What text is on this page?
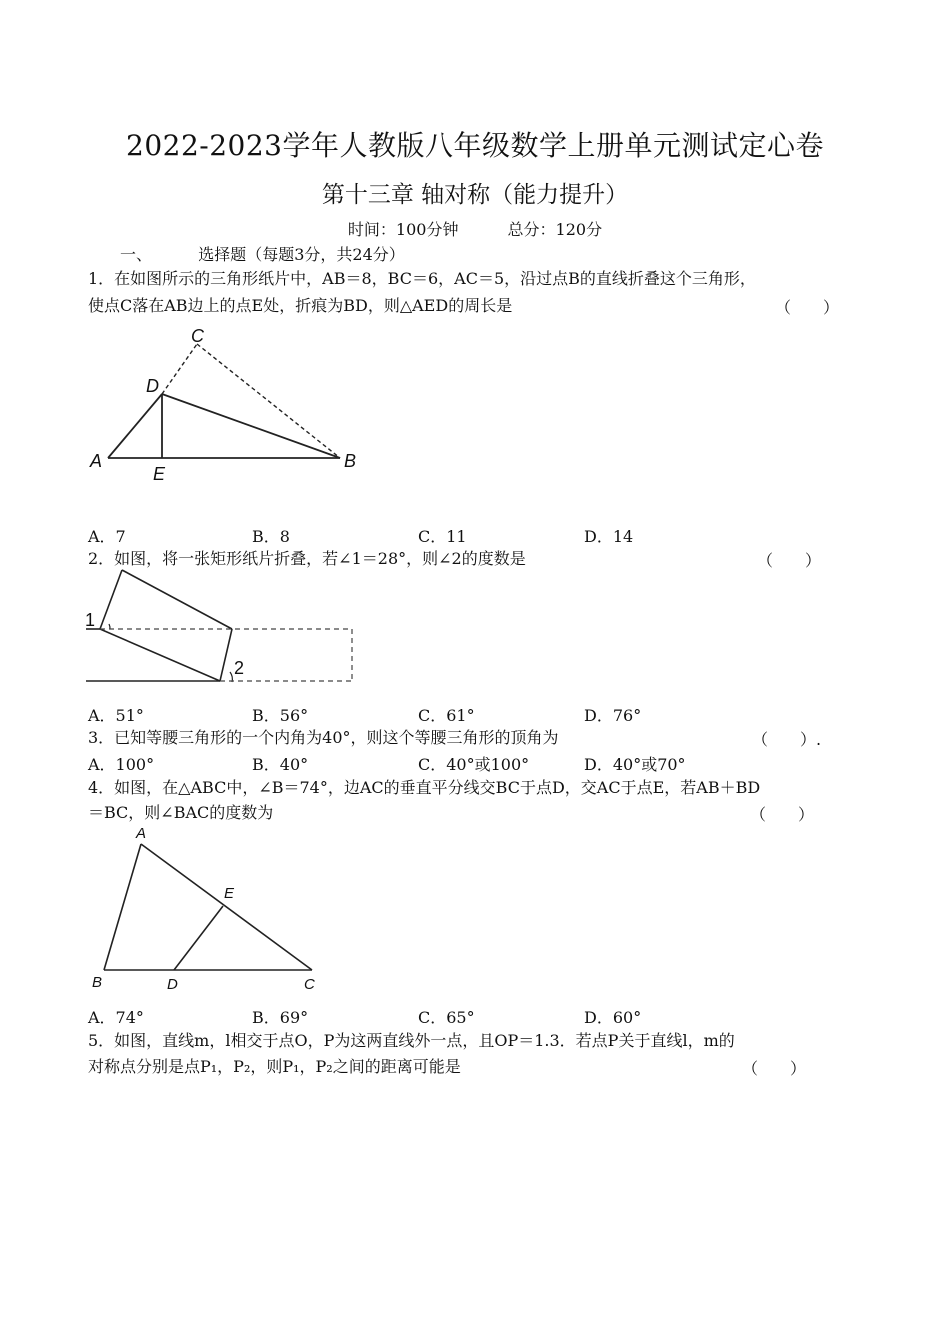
2022-2023学年人教版八年级数学上册单元测试定心卷
第十三章 轴对称（能力提升）
时间：100分钟	总分：120分
一、	选择题（每题3分，共24分）
1．在如图所示的三角形纸片中，AB＝8，BC＝6，AC＝5，沿过点B的直线折叠这个三角形，
使点C落在AB边上的点E处，折痕为BD，则△AED的周长是	（　　）
C
D
A
E
B
A．7	B．8	C．11	D．14
2．如图，将一张矩形纸片折叠，若∠1＝28°，则∠2的度数是	（　　）
1
2
A．51°	B．56°	C．61°	D．76°
3．已知等腰三角形的一个内角为40°，则这个等腰三角形的顶角为	（　　）.
A．100°	B．40°	C．40°或100°	D．40°或70°
4．如图，在△ABC中，∠B＝74°，边AC的垂直平分线交BC于点D，交AC于点E，若AB＋BD
＝BC，则∠BAC的度数为	（　　）
A
E
B	D	C
A．74°	B．69°	C．65°	D．60°
5．如图，直线m，l相交于点O，P为这两直线外一点，且OP＝1.3．若点P关于直线l，m的
对称点分别是点P₁，P₂，则P₁，P₂之间的距离可能是	（　　）
